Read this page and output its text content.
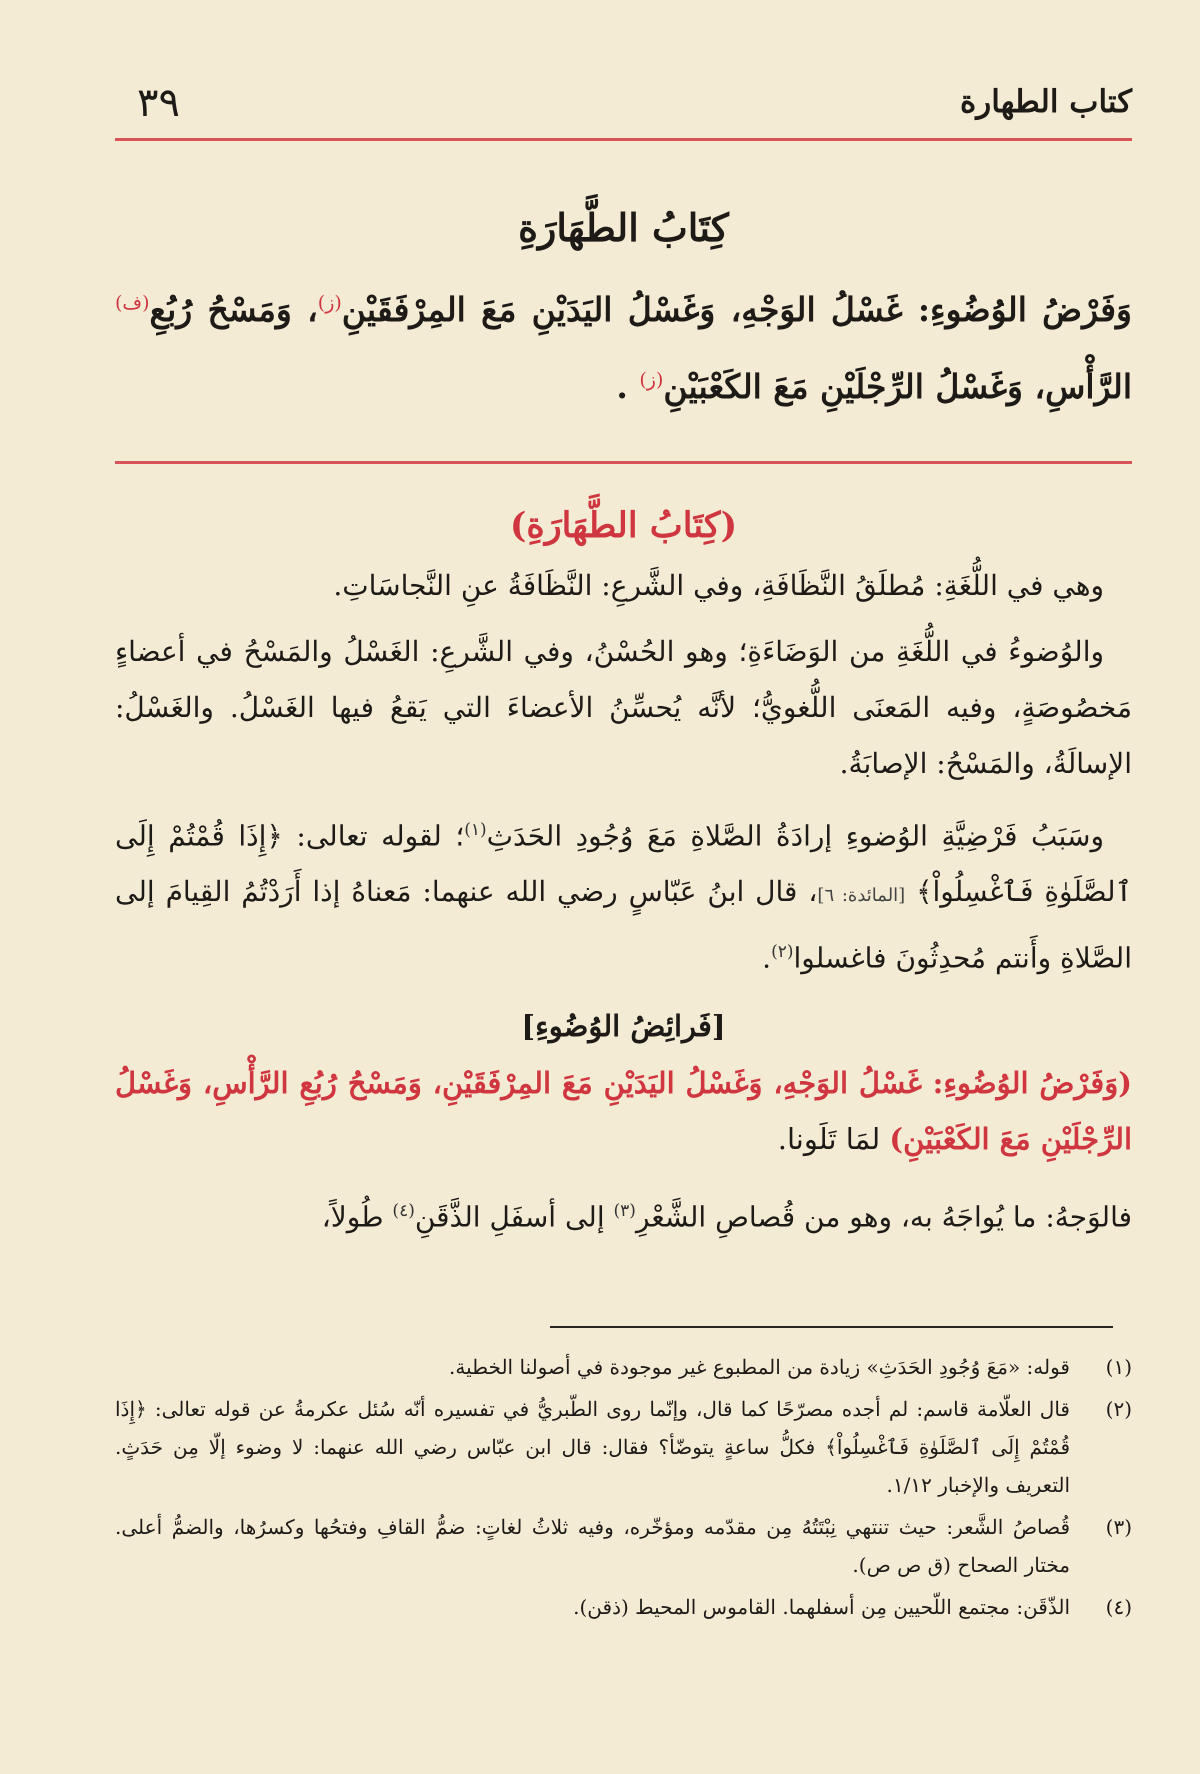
كتاب الطهارة
٣٩
كِتَابُ الطَّهَارَةِ

وَفَرْضُ الوُضُوءِ: غَسْلُ الوَجْهِ، وَغَسْلُ اليَدَيْنِ مَعَ المِرْفَقَيْنِ$^{(ز)}$، وَمَسْحُ رُبُعِ$^{(ف)}$ الرَّأْسِ، وَغَسْلُ الرِّجْلَيْنِ مَعَ الكَعْبَيْنِ$^{(ز)}$ .

(كِتَابُ الطَّهَارَةِ)

وهي في اللُّغَةِ: مُطلَقُ النَّظَافَةِ، وفي الشَّرعِ: النَّظَافَةُ عنِ النَّجاسَاتِ.

والوُضوءُ في اللُّغَةِ من الوَضَاءَةِ؛ وهو الحُسْنُ، وفي الشَّرعِ: الغَسْلُ والمَسْحُ في أعضاءٍ مَخصُوصَةٍ، وفيه المَعنَى اللُّغويُّ؛ لأنَّه يُحسِّنُ الأعضاءَ التي يَقعُ فيها الغَسْلُ. والغَسْلُ: الإسالَةُ، والمَسْحُ: الإصابَةُ.

وسَبَبُ فَرْضِيَّةِ الوُضوءِ إرادَةُ الصَّلاةِ مَعَ وُجُودِ الحَدَثِ$^{(١)}$؛ لقوله تعالى: ﴿إِذَا قُمْتُمْ إِلَى ٱلصَّلَوٰةِ فَٱغْسِلُواْ﴾ [المائدة: ٦]، قال ابنُ عَبّاسٍ رضي الله عنهما: مَعناهُ إذا أَرَدْتُمُ القِيامَ إلى الصَّلاةِ وأَنتم مُحدِثُونَ فاغسلوا$^{(٢)}$.

[فَرائِضُ الوُضُوءِ]

(وَفَرْضُ الوُضُوءِ: غَسْلُ الوَجْهِ، وَغَسْلُ اليَدَيْنِ مَعَ المِرْفَقَيْنِ، وَمَسْحُ رُبُعِ الرَّأْسِ، وَغَسْلُ الرِّجْلَيْنِ مَعَ الكَعْبَيْنِ) لمَا تَلَونا.

فالوَجهُ: ما يُواجَهُ به، وهو من قُصاصِ الشَّعْرِ$^{(٣)}$ إلى أسفَلِ الذَّقَنِ$^{(٤)}$ طُولاً،

(١)
قوله: «مَعَ وُجُودِ الحَدَثِ» زيادة من المطبوع غير موجودة في أصولنا الخطية.
(٢)
قال العلّامة قاسم: لم أجده مصرّحًا كما قال، وإنّما روى الطّبريُّ في تفسيره أنّه سُئل عكرمةُ عن قوله تعالى: ﴿إِذَا قُمْتُمْ إِلَى ٱلصَّلَوٰةِ فَٱغْسِلُواْ﴾ فكلُّ ساعةٍ يتوضّأ؟ فقال: قال ابن عبّاس رضي الله عنهما: لا وضوء إلّا مِن حَدَثٍ. التعريف والإخبار ١/١٢.
(٣)
قُصاصُ الشَّعر: حيث تنتهي نِبْتَتُهُ مِن مقدّمه ومؤخّره، وفيه ثلاثُ لغاتٍ: ضمُّ القافِ وفتحُها وكسرُها، والضمُّ أعلى. مختار الصحاح (ق ص ص).
(٤)
الذّقَن: مجتمع اللّحيين مِن أسفلهما. القاموس المحيط (ذقن).
